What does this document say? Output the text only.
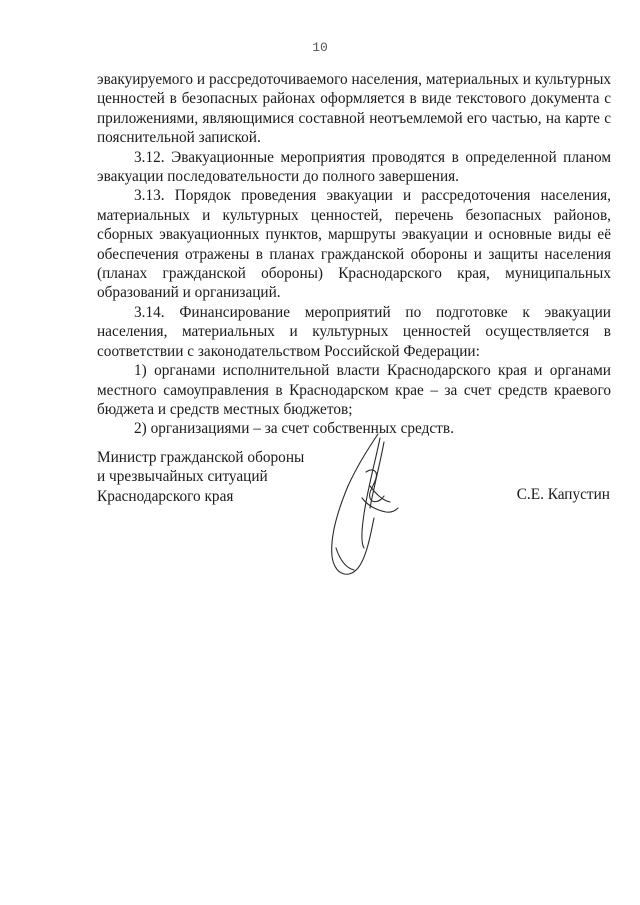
10

эвакуируемого и рассредоточиваемого населения, материальных и культурных ценностей в безопасных районах оформляется в виде текстового документа с приложениями, являющимися составной неотъемлемой его частью, на карте с пояснительной запиской.

3.12. Эвакуационные мероприятия проводятся в определенной планом эвакуации последовательности до полного завершения.

3.13. Порядок проведения эвакуации и рассредоточения населения, материальных и культурных ценностей, перечень безопасных районов, сборных эвакуационных пунктов, маршруты эвакуации и основные виды её обеспечения отражены в планах гражданской обороны и защиты населения (планах гражданской обороны) Краснодарского края, муниципальных образований и организаций.

3.14. Финансирование мероприятий по подготовке к эвакуации населения, материальных и культурных ценностей осуществляется в соответствии с законодательством Российской Федерации:

1) органами исполнительной власти Краснодарского края и органами местного самоуправления в Краснодарском крае – за счет средств краевого бюджета и средств местных бюджетов;

2) организациями – за счет собственных средств.

Министр гражданской обороны
и чрезвычайных ситуаций
Краснодарского края	С.Е. Капустин
